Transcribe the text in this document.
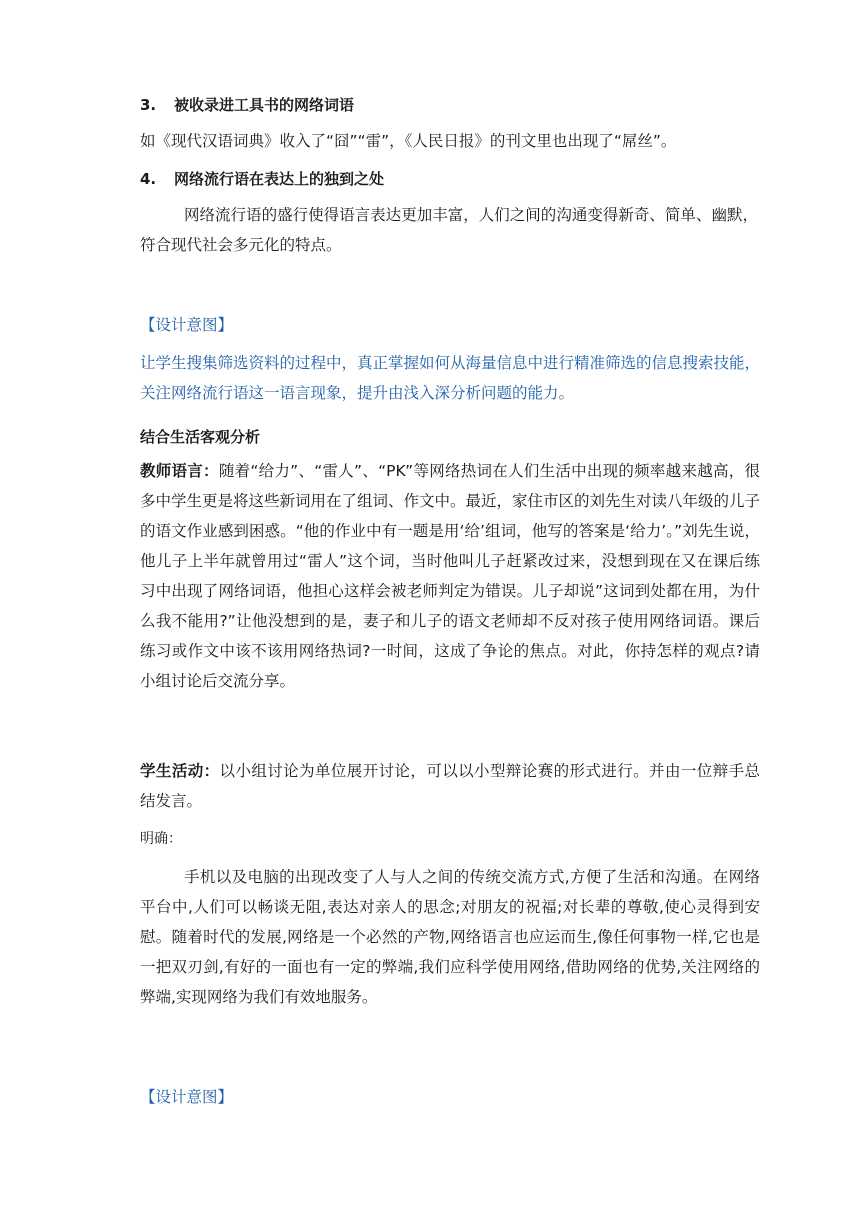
3. 被收录进工具书的网络词语

如《现代汉语词典》收入了“囧”“雷”，《人民日报》的刊文里也出现了“屌丝”。

4. 网络流行语在表达上的独到之处

网络流行语的盛行使得语言表达更加丰富，人们之间的沟通变得新奇、简单、幽默，符合现代社会多元化的特点。

【设计意图】

让学生搜集筛选资料的过程中，真正掌握如何从海量信息中进行精准筛选的信息搜索技能，关注网络流行语这一语言现象，提升由浅入深分析问题的能力。

结合生活客观分析

教师语言：随着“给力”、“雷人”、“PK”等网络热词在人们生活中出现的频率越来越高，很多中学生更是将这些新词用在了组词、作文中。最近，家住市区的刘先生对读八年级的儿子的语文作业感到困惑。“他的作业中有一题是用‘给’组词，他写的答案是‘给力’。”刘先生说，他儿子上半年就曾用过“雷人”这个词，当时他叫儿子赶紧改过来，没想到现在又在课后练习中出现了网络词语，他担心这样会被老师判定为错误。儿子却说”这词到处都在用，为什么我不能用?”让他没想到的是，妻子和儿子的语文老师却不反对孩子使用网络词语。课后练习或作文中该不该用网络热词?一时间，这成了争论的焦点。对此，你持怎样的观点?请小组讨论后交流分享。

学生活动：以小组讨论为单位展开讨论，可以以小型辩论赛的形式进行。并由一位辩手总结发言。

明确：

手机以及电脑的出现改变了人与人之间的传统交流方式,方便了生活和沟通。在网络平台中,人们可以畅谈无阻,表达对亲人的思念;对朋友的祝福;对长辈的尊敬,使心灵得到安慰。随着时代的发展,网络是一个必然的产物,网络语言也应运而生,像任何事物一样,它也是一把双刃剑,有好的一面也有一定的弊端,我们应科学使用网络,借助网络的优势,关注网络的弊端,实现网络为我们有效地服务。

【设计意图】
